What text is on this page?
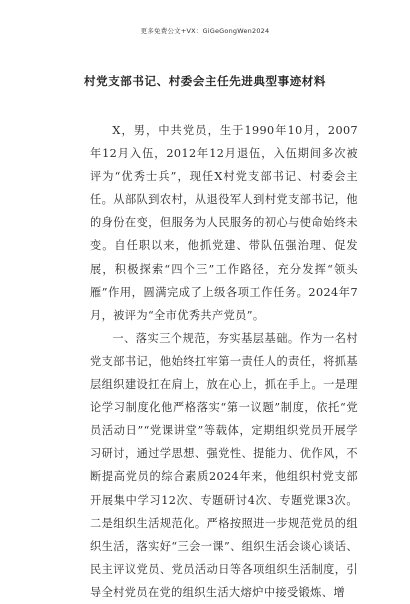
更多免费公文+VX：GiGeGongWen2024
村党支部书记、村委会主任先进典型事迹材料

X，男，中共党员，生于1990年10月，2007年12月入伍，2012年12月退伍，入伍期间多次被评为“优秀士兵”，现任X村党支部书记、村委会主任。从部队到农村，从退役军人到村党支部书记，他的身份在变，但服务为人民服务的初心与使命始终未变。自任职以来，他抓党建、带队伍强治理、促发展，积极探索“四个三”工作路径，充分发挥“领头雁”作用，圆满完成了上级各项工作任务。2024年7月，被评为“全市优秀共产党员”。

一、落实三个规范，夯实基层基础。作为一名村党支部书记，他始终扛牢第一责任人的责任，将抓基层组织建设扛在肩上，放在心上，抓在手上。一是理论学习制度化他严格落实“第一议题”制度，依托“党员活动日”“党课讲堂”等载体，定期组织党员开展学习研讨，通过学思想、强党性、提能力、优作风，不断提高党员的综合素质2024年来，他组织村党支部开展集中学习12次、专题研讨4次、专题党课3次。二是组织生活规范化。严格按照进一步规范党员的组织生活，落实好“三会一课”、组织生活会谈心谈话、民主评议党员、党员活动日等各项组织生活制度，引导全村党员在党的组织生活大熔炉中接受锻炼、增
